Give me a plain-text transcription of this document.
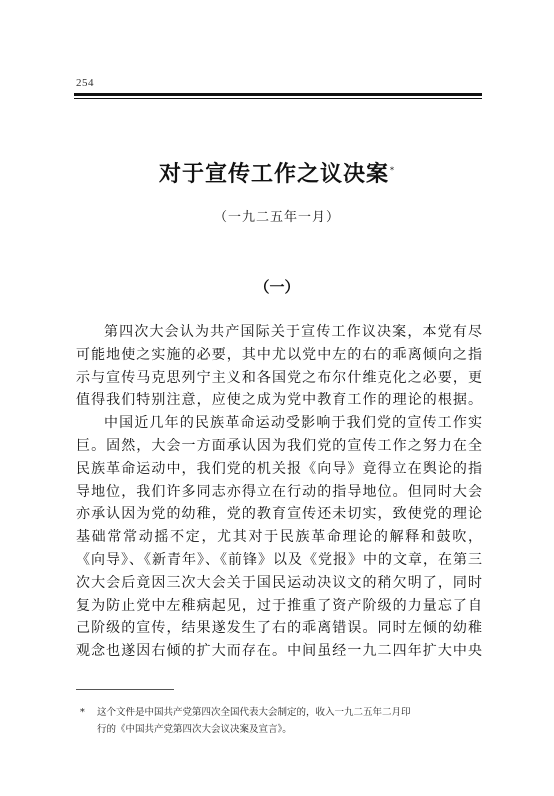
254
对于宣传工作之议决案*
（一九二五年一月）
（一）
第四次大会认为共产国际关于宣传工作议决案，本党有尽
可能地使之实施的必要，其中尤以党中左的右的乖离倾向之指
示与宣传马克思列宁主义和各国党之布尔什维克化之必要，更
值得我们特别注意，应使之成为党中教育工作的理论的根据。
中国近几年的民族革命运动受影响于我们党的宣传工作实
巨。固然，大会一方面承认因为我们党的宣传工作之努力在全
民族革命运动中，我们党的机关报《向导》竟得立在舆论的指
导地位，我们许多同志亦得立在行动的指导地位。但同时大会
亦承认因为党的幼稚，党的教育宣传还未切实，致使党的理论
基础常常动摇不定，尤其对于民族革命理论的解释和鼓吹，
《向导》、《新青年》、《前锋》以及《党报》中的文章，在第三
次大会后竟因三次大会关于国民运动决议文的稍欠明了，同时
复为防止党中左稚病起见，过于推重了资产阶级的力量忘了自
己阶级的宣传，结果遂发生了右的乖离错误。同时左倾的幼稚
观念也遂因右倾的扩大而存在。中间虽经一九二四年扩大中央
* 这个文件是中国共产党第四次全国代表大会制定的，收入一九二五年二月印
行的《中国共产党第四次大会议决案及宣言》。
